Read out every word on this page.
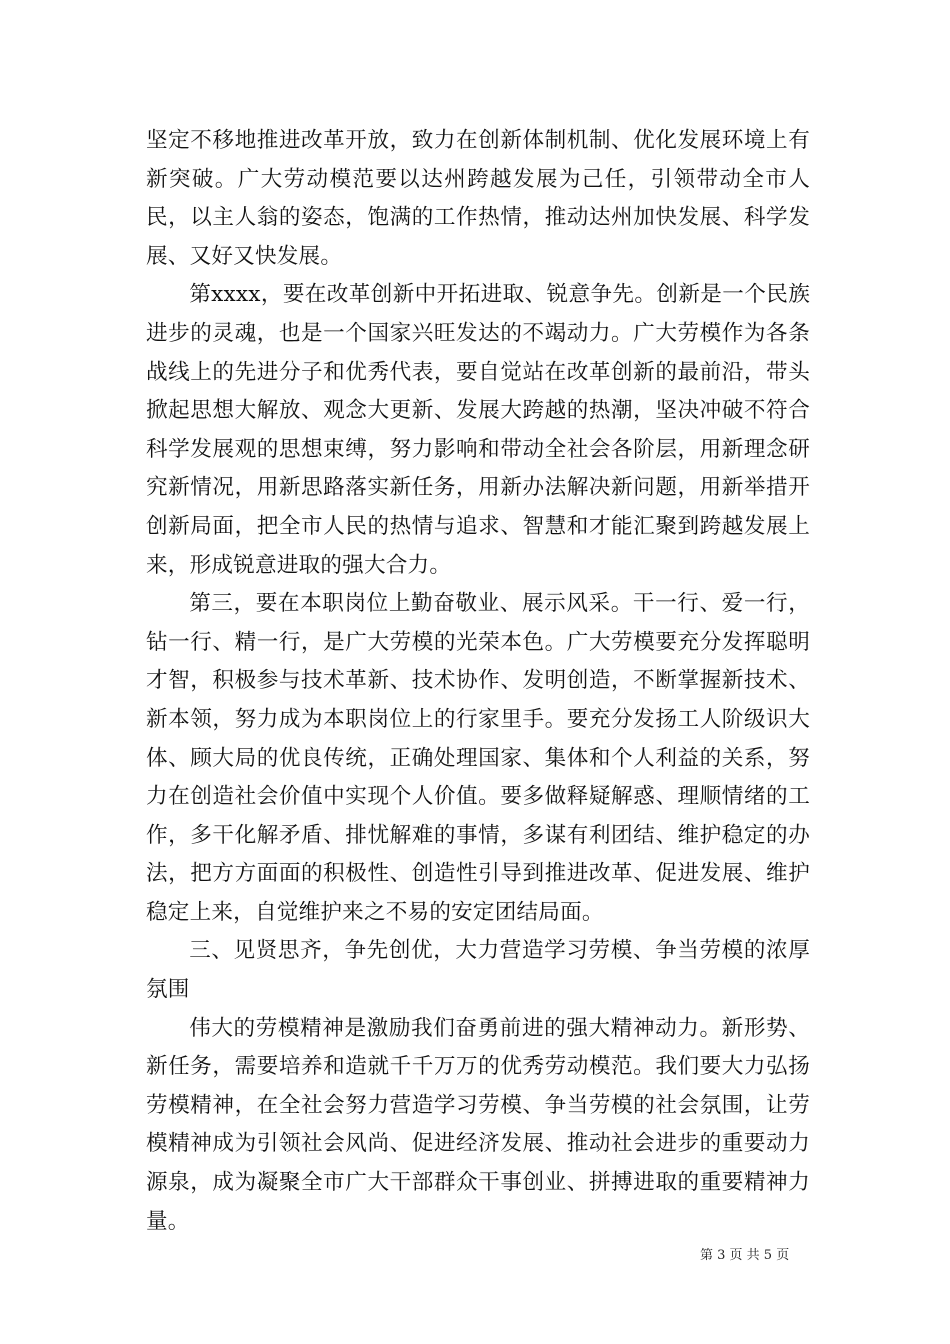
坚定不移地推进改革开放，致力在创新体制机制、优化发展环境上有新突破。广大劳动模范要以达州跨越发展为己任，引领带动全市人民，以主人翁的姿态，饱满的工作热情，推动达州加快发展、科学发展、又好又快发展。

第xxxx，要在改革创新中开拓进取、锐意争先。创新是一个民族进步的灵魂，也是一个国家兴旺发达的不竭动力。广大劳模作为各条战线上的先进分子和优秀代表，要自觉站在改革创新的最前沿，带头掀起思想大解放、观念大更新、发展大跨越的热潮，坚决冲破不符合科学发展观的思想束缚，努力影响和带动全社会各阶层，用新理念研究新情况，用新思路落实新任务，用新办法解决新问题，用新举措开创新局面，把全市人民的热情与追求、智慧和才能汇聚到跨越发展上来，形成锐意进取的强大合力。

第三，要在本职岗位上勤奋敬业、展示风采。干一行、爱一行，钻一行、精一行，是广大劳模的光荣本色。广大劳模要充分发挥聪明才智，积极参与技术革新、技术协作、发明创造，不断掌握新技术、新本领，努力成为本职岗位上的行家里手。要充分发扬工人阶级识大体、顾大局的优良传统，正确处理国家、集体和个人利益的关系，努力在创造社会价值中实现个人价值。要多做释疑解惑、理顺情绪的工作，多干化解矛盾、排忧解难的事情，多谋有利团结、维护稳定的办法，把方方面面的积极性、创造性引导到推进改革、促进发展、维护稳定上来，自觉维护来之不易的安定团结局面。

三、见贤思齐，争先创优，大力营造学习劳模、争当劳模的浓厚氛围

伟大的劳模精神是激励我们奋勇前进的强大精神动力。新形势、新任务，需要培养和造就千千万万的优秀劳动模范。我们要大力弘扬劳模精神，在全社会努力营造学习劳模、争当劳模的社会氛围，让劳模精神成为引领社会风尚、促进经济发展、推动社会进步的重要动力源泉，成为凝聚全市广大干部群众干事创业、拼搏进取的重要精神力量。

第 3 页 共 5 页
